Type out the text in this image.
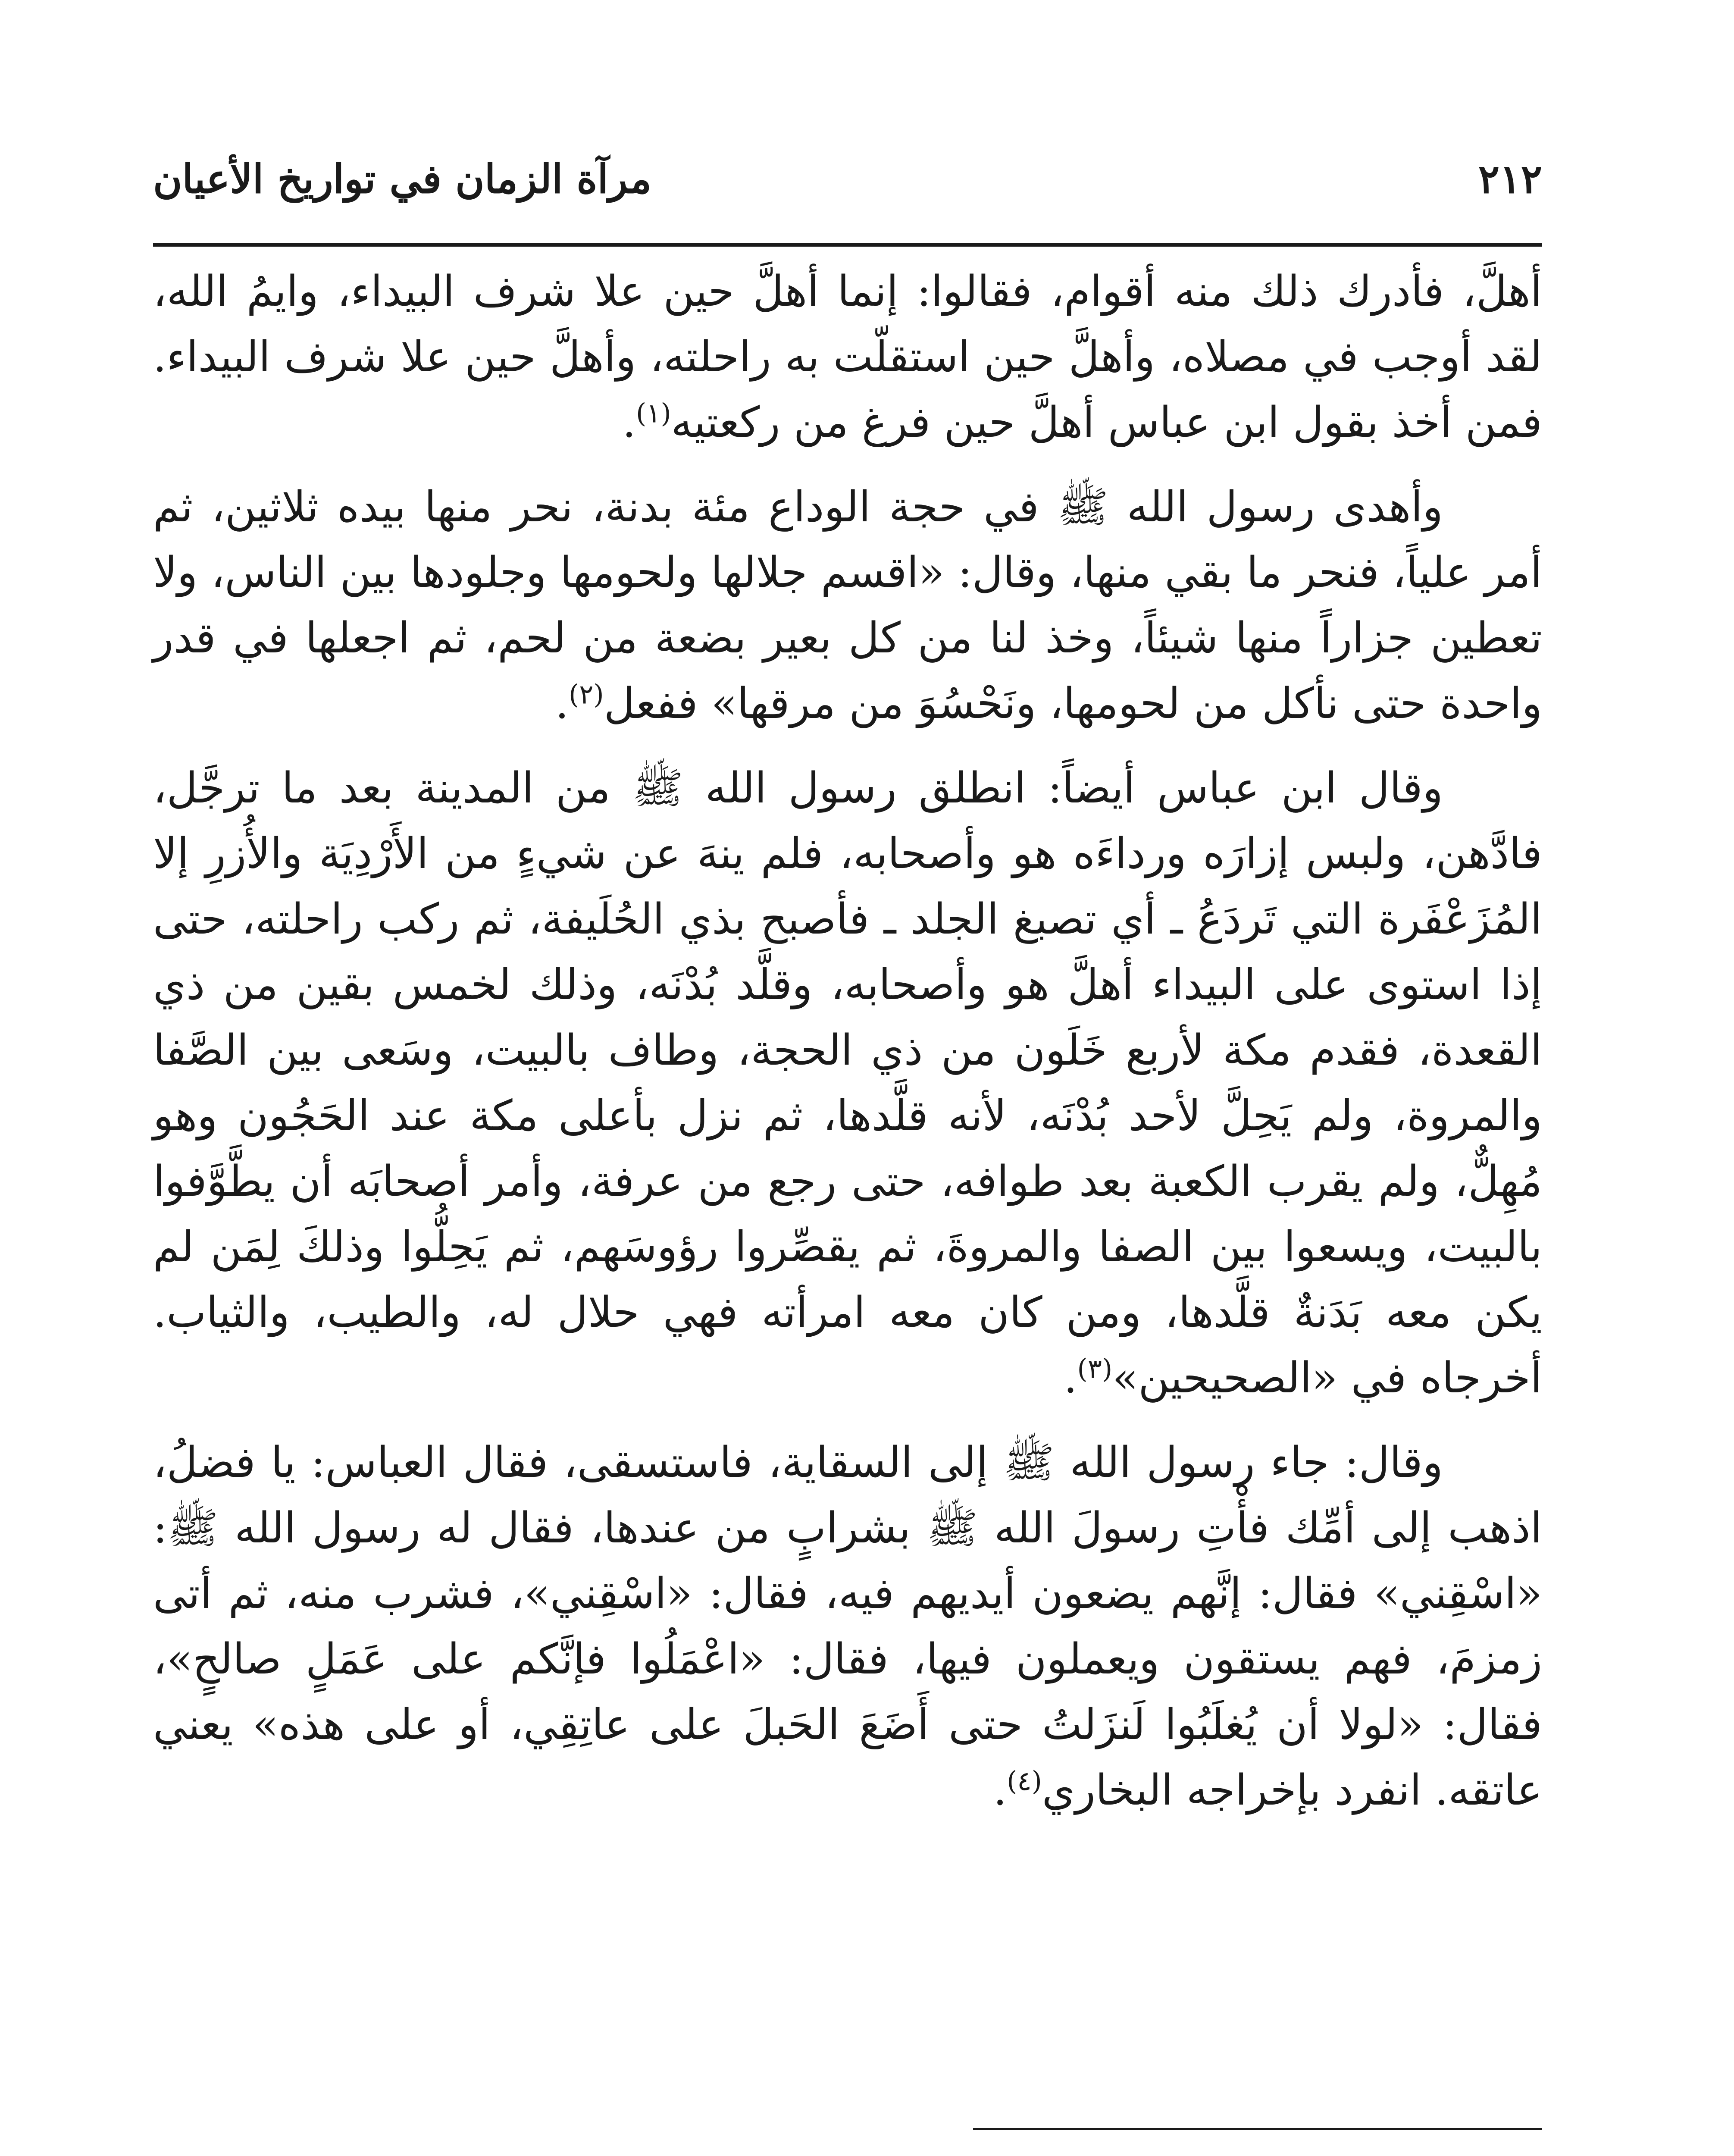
٢١٢
مرآة الزمان في تواريخ الأعيان

أهلَّ، فأدرك ذلك منه أقوام، فقالوا: إنما أهلَّ حين علا شرف البيداء، وايمُ الله، لقد أوجب في مصلاه، وأهلَّ حين استقلّت به راحلته، وأهلَّ حين علا شرف البيداء. فمن أخذ بقول ابن عباس أهلَّ حين فرغ من ركعتيه$^{(١)}$.

وأهدى رسول الله ﷺ في حجة الوداع مئة بدنة، نحر منها بيده ثلاثين، ثم أمر علياً، فنحر ما بقي منها، وقال: «اقسم جلالها ولحومها وجلودها بين الناس، ولا تعطين جزاراً منها شيئاً، وخذ لنا من كل بعير بضعة من لحم، ثم اجعلها في قدر واحدة حتى نأكل من لحومها، ونَحْسُوَ من مرقها» ففعل$^{(٢)}$.

وقال ابن عباس أيضاً: انطلق رسول الله ﷺ من المدينة بعد ما ترجَّل، فادَّهن، ولبس إزارَه ورداءَه هو وأصحابه، فلم ينهَ عن شيءٍ من الأَرْدِيَة والأُزرِ إلا المُزَعْفَرة التي تَردَعُ ـ أي تصبغ الجلد ـ فأصبح بذي الحُلَيفة، ثم ركب راحلته، حتى إذا استوى على البيداء أهلَّ هو وأصحابه، وقلَّد بُدْنَه، وذلك لخمس بقين من ذي القعدة، فقدم مكة لأربع خَلَون من ذي الحجة، وطاف بالبيت، وسَعى بين الصَّفا والمروة، ولم يَحِلَّ لأحد بُدْنَه، لأنه قلَّدها، ثم نزل بأعلى مكة عند الحَجُون وهو مُهِلٌّ، ولم يقرب الكعبة بعد طوافه، حتى رجع من عرفة، وأمر أصحابَه أن يطَّوَّفوا بالبيت، ويسعوا بين الصفا والمروةَ، ثم يقصِّروا رؤوسَهم، ثم يَحِلُّوا وذلكَ لِمَن لم يكن معه بَدَنةٌ قلَّدها، ومن كان معه امرأته فهي حلال له، والطيب، والثياب. أخرجاه في «الصحيحين»$^{(٣)}$.

وقال: جاء رسول الله ﷺ إلى السقاية، فاستسقى، فقال العباس: يا فضلُ، اذهب إلى أمِّك فأْتِ رسولَ الله ﷺ بشرابٍ من عندها، فقال له رسول الله ﷺ: «اسْقِني» فقال: إنَّهم يضعون أيديهم فيه، فقال: «اسْقِني»، فشرب منه، ثم أتى زمزمَ، فهم يستقون ويعملون فيها، فقال: «اعْمَلُوا فإنَّكم على عَمَلٍ صالحٍ»، فقال: «لولا أن يُغلَبُوا لَنزَلتُ حتى أَضَعَ الحَبلَ على عاتِقِي، أو على هذه» يعني عاتقه. انفرد بإخراجه البخاري$^{(٤)}$.
